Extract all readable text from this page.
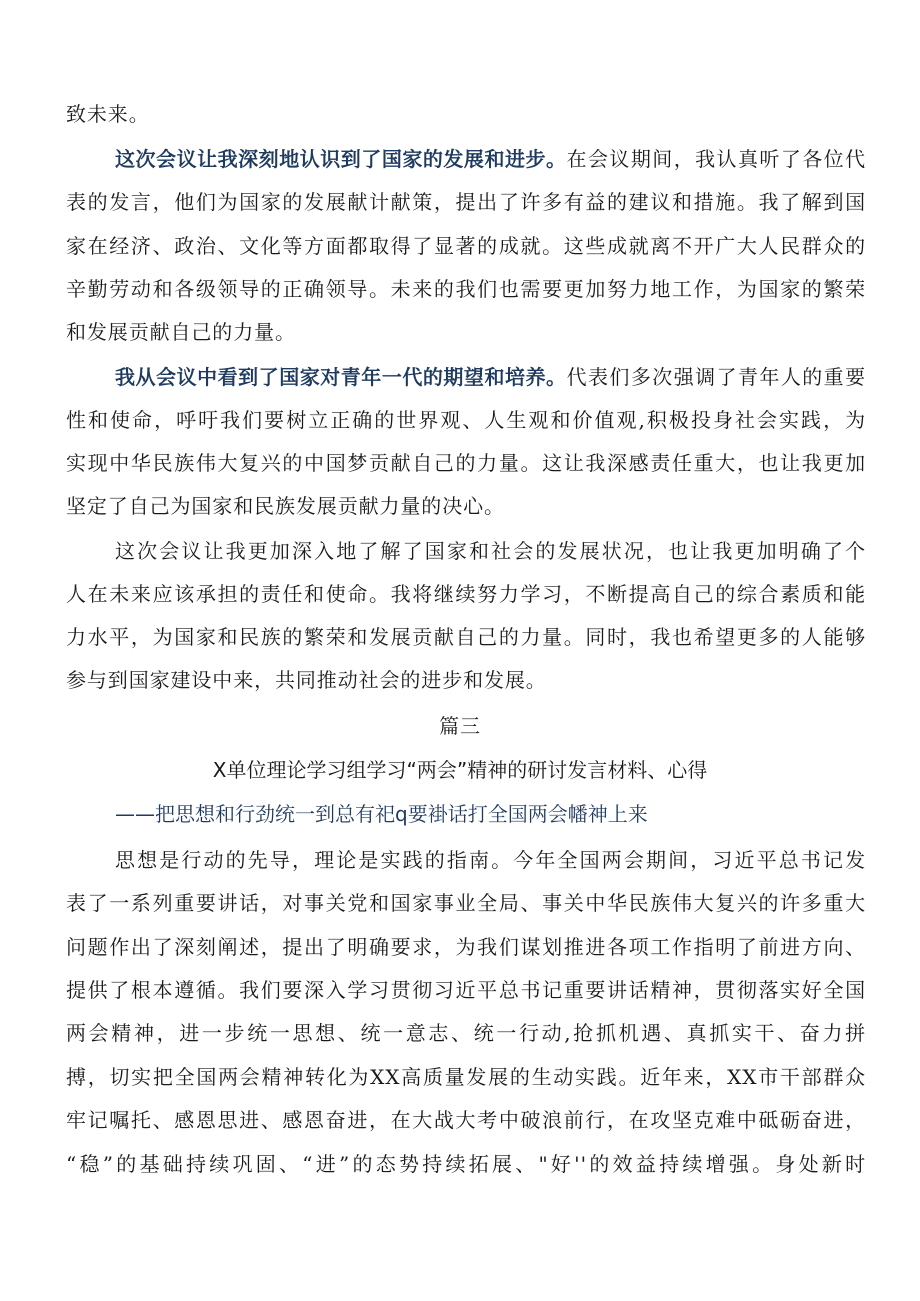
致未来。
这次会议让我深刻地认识到了国家的发展和进步。在会议期间，我认真听了各位代
表的发言，他们为国家的发展献计献策，提出了许多有益的建议和措施。我了解到国
家在经济、政治、文化等方面都取得了显著的成就。这些成就离不开广大人民群众的
辛勤劳动和各级领导的正确领导。未来的我们也需要更加努力地工作，为国家的繁荣
和发展贡献自己的力量。
我从会议中看到了国家对青年一代的期望和培养。代表们多次强调了青年人的重要
性和使命，呼吁我们要树立正确的世界观、人生观和价值观,积极投身社会实践，为
实现中华民族伟大复兴的中国梦贡献自己的力量。这让我深感责任重大，也让我更加
坚定了自己为国家和民族发展贡献力量的决心。
这次会议让我更加深入地了解了国家和社会的发展状况，也让我更加明确了个
人在未来应该承担的责任和使命。我将继续努力学习，不断提高自己的综合素质和能
力水平，为国家和民族的繁荣和发展贡献自己的力量。同时，我也希望更多的人能够
参与到国家建设中来，共同推动社会的进步和发展。
篇三
X单位理论学习组学习“两会”精神的研讨发言材料、心得
——把思想和行劲统一到总有祀q要褂话打全国两会幡神上来
思想是行动的先导，理论是实践的指南。今年全国两会期间，习近平总书记发
表了一系列重要讲话，对事关党和国家事业全局、事关中华民族伟大复兴的许多重大
问题作出了深刻阐述，提出了明确要求，为我们谋划推进各项工作指明了前进方向、
提供了根本遵循。我们要深入学习贯彻习近平总书记重要讲话精神，贯彻落实好全国
两会精神，进一步统一思想、统一意志、统一行动,抢抓机遇、真抓实干、奋力拼
搏，切实把全国两会精神转化为XX高质量发展的生动实践。近年来，XX市干部群众
牢记嘱托、感恩思进、感恩奋进，在大战大考中破浪前行，在攻坚克难中砥砺奋进，
“稳”的基础持续巩固、“进”的态势持续拓展、"好''的效益持续增强。身处新时
